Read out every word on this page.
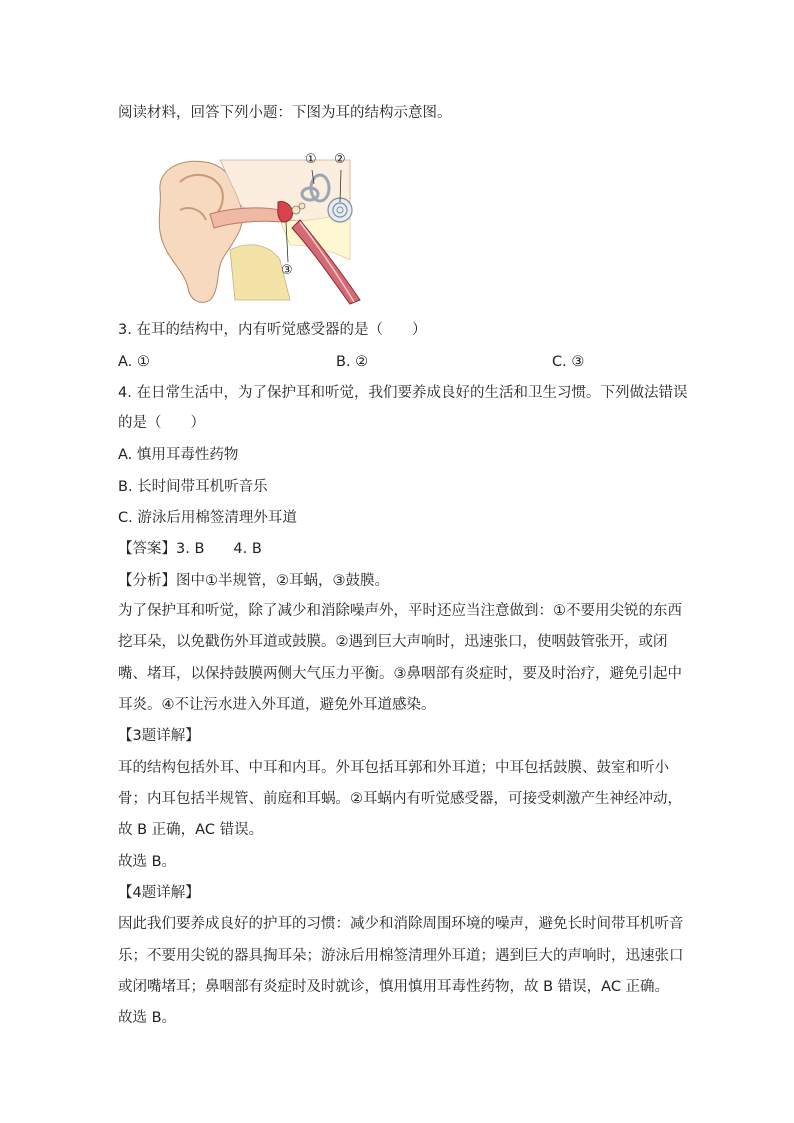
阅读材料，回答下列小题：下图为耳的结构示意图。
① ②
③
3. 在耳的结构中，内有听觉感受器的是（　　）
A. ①	B. ②	C. ③
4. 在日常生活中，为了保护耳和听觉，我们要养成良好的生活和卫生习惯。下列做法错误
的是（　　）
A. 慎用耳毒性药物
B. 长时间带耳机听音乐
C. 游泳后用棉签清理外耳道
【答案】3. B　　4. B
【分析】图中①半规管，②耳蜗，③鼓膜。
为了保护耳和听觉，除了减少和消除噪声外，平时还应当注意做到：①不要用尖锐的东西
挖耳朵，以免戳伤外耳道或鼓膜。②遇到巨大声响时，迅速张口，使咽鼓管张开，或闭
嘴、堵耳，以保持鼓膜两侧大气压力平衡。③鼻咽部有炎症时，要及时治疗，避免引起中
耳炎。④不让污水进入外耳道，避免外耳道感染。
【3题详解】
耳的结构包括外耳、中耳和内耳。外耳包括耳郭和外耳道；中耳包括鼓膜、鼓室和听小
骨；内耳包括半规管、前庭和耳蜗。②耳蜗内有听觉感受器，可接受刺激产生神经冲动，
故 B 正确，AC 错误。
故选 B。
【4题详解】
因此我们要养成良好的护耳的习惯：减少和消除周围环境的噪声，避免长时间带耳机听音
乐；不要用尖锐的器具掏耳朵；游泳后用棉签清理外耳道；遇到巨大的声响时，迅速张口
或闭嘴堵耳；鼻咽部有炎症时及时就诊，慎用慎用耳毒性药物，故 B 错误，AC 正确。
故选 B。
